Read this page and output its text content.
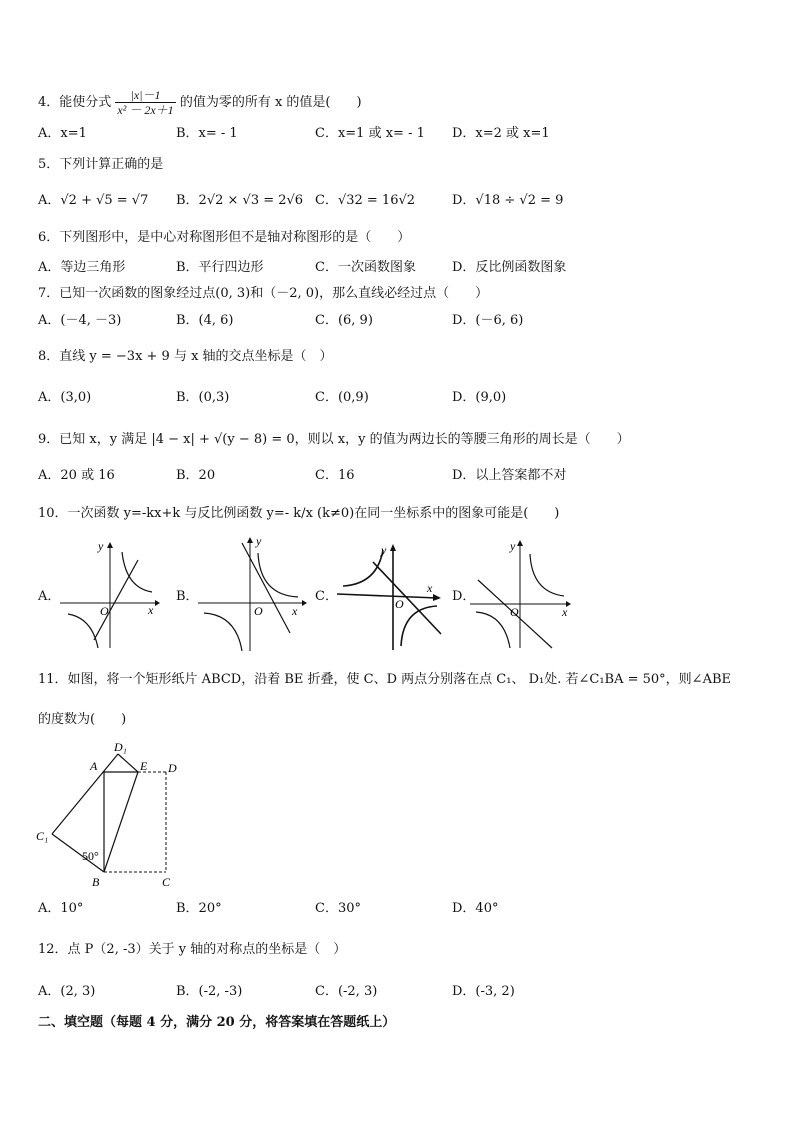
4．能使分式 $\frac{|x|-1}{\text{x² － 2x＋1}}$ 的值为零的所有 x 的值是(　　)
A．x=1	B．x= - 1	C．x=1 或 x= - 1 D．x=2 或 x=1
5．下列计算正确的是
A．√2 + √5 = √7 B．2√2 × √3 = 2√6 C．√32 = 16√2	D．√18 ÷ √2 = 9
6．下列图形中，是中心对称图形但不是轴对称图形的是（　　）
A．等边三角形	B．平行四边形	C．一次函数图象	D．反比例函数图象
7．已知一次函数的图象经过点(0, 3)和（－2, 0)，那么直线必经过点（　　）
A．(－4, －3)	B．(4, 6)	C．(6, 9)	D．(－6, 6)
8．直线 y = −3x + 9 与 x 轴的交点坐标是（　）
A．(3,0)	B．(0,3)	C．(0,9)	D．(9,0)
9．已知 x，y 满足 |4 − x| + √(y − 8) = 0，则以 x，y 的值为两边长的等腰三角形的周长是（　　）
A．20 或 16	B．20	C．16	D．以上答案都不对
10．一次函数 y=-kx+k 与反比例函数 y=- k/x (k≠0)在同一坐标系中的图象可能是(　　)
A．
x
y
O
B．
x
y
O
C．
x
y
O	D．
x
y
O
11．如图，将一个矩形纸片 ABCD，沿着 BE 折叠，使 C、D 两点分别落在点 C₁、 D₁处. 若∠C₁BA = 50°，则∠ABE
的度数为(　　)
D₁
A	E D
C₁
50°
B	C
A．10°	B．20°	C．30°	D．40°
12．点 P（2, -3）关于 y 轴的对称点的坐标是（　）
A．(2, 3)	B．(-2, -3)	C．(-2, 3)	D．(-3, 2)
二、填空题（每题 4 分，满分 20 分，将答案填在答题纸上）
